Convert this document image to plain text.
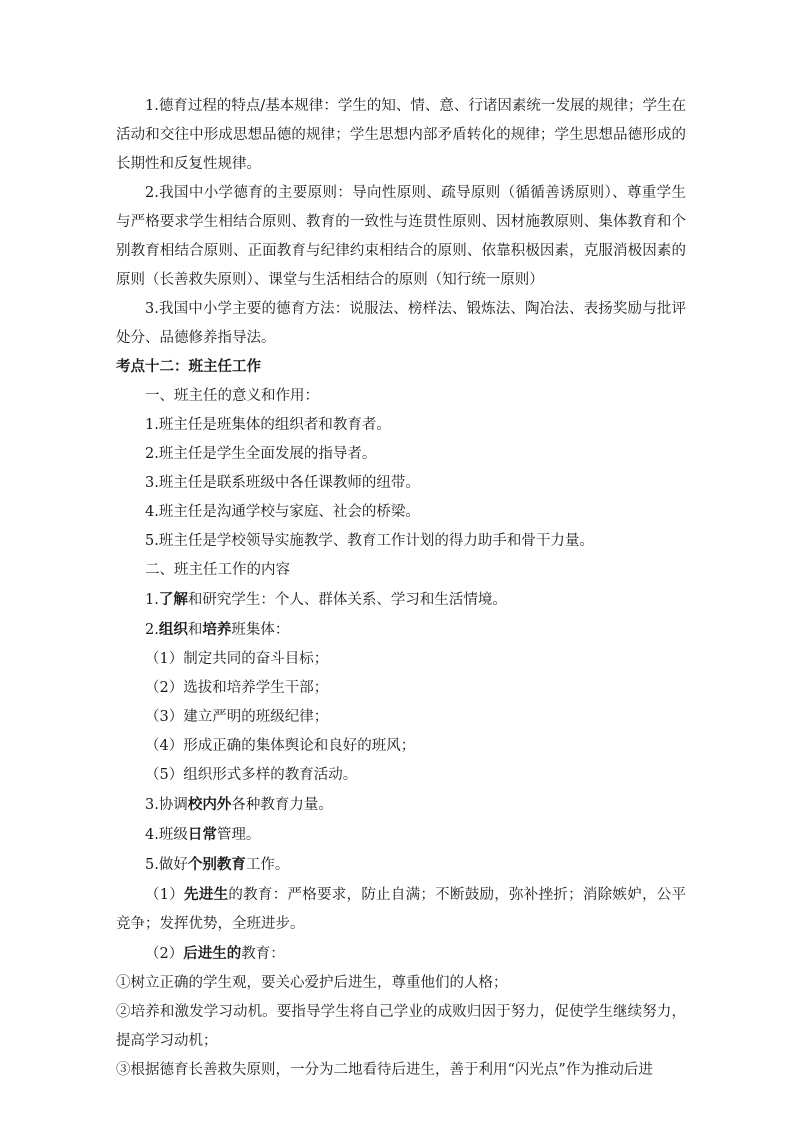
1.德育过程的特点/基本规律：学生的知、情、意、行诸因素统一发展的规律；学生在活动和交往中形成思想品德的规律；学生思想内部矛盾转化的规律；学生思想品德形成的长期性和反复性规律。

2.我国中小学德育的主要原则：导向性原则、疏导原则（循循善诱原则）、尊重学生与严格要求学生相结合原则、教育的一致性与连贯性原则、因材施教原则、集体教育和个别教育相结合原则、正面教育与纪律约束相结合的原则、依靠积极因素，克服消极因素的原则（长善救失原则）、课堂与生活相结合的原则（知行统一原则）

3.我国中小学主要的德育方法：说服法、榜样法、锻炼法、陶冶法、表扬奖励与批评处分、品德修养指导法。

考点十二：班主任工作

一、班主任的意义和作用：

1.班主任是班集体的组织者和教育者。

2.班主任是学生全面发展的指导者。

3.班主任是联系班级中各任课教师的纽带。

4.班主任是沟通学校与家庭、社会的桥梁。

5.班主任是学校领导实施教学、教育工作计划的得力助手和骨干力量。

二、班主任工作的内容

1.了解和研究学生：个人、群体关系、学习和生活情境。

2.组织和培养班集体：

（1）制定共同的奋斗目标；

（2）选拔和培养学生干部；

（3）建立严明的班级纪律；

（4）形成正确的集体舆论和良好的班风；

（5）组织形式多样的教育活动。

3.协调校内外各种教育力量。

4.班级日常管理。

5.做好个别教育工作。

（1）先进生的教育：严格要求，防止自满；不断鼓励，弥补挫折；消除嫉妒，公平竞争；发挥优势，全班进步。

（2）后进生的教育：

①树立正确的学生观，要关心爱护后进生，尊重他们的人格；

②培养和激发学习动机。要指导学生将自己学业的成败归因于努力，促使学生继续努力，提高学习动机；

③根据德育长善救失原则，一分为二地看待后进生，善于利用“闪光点”作为推动后进
